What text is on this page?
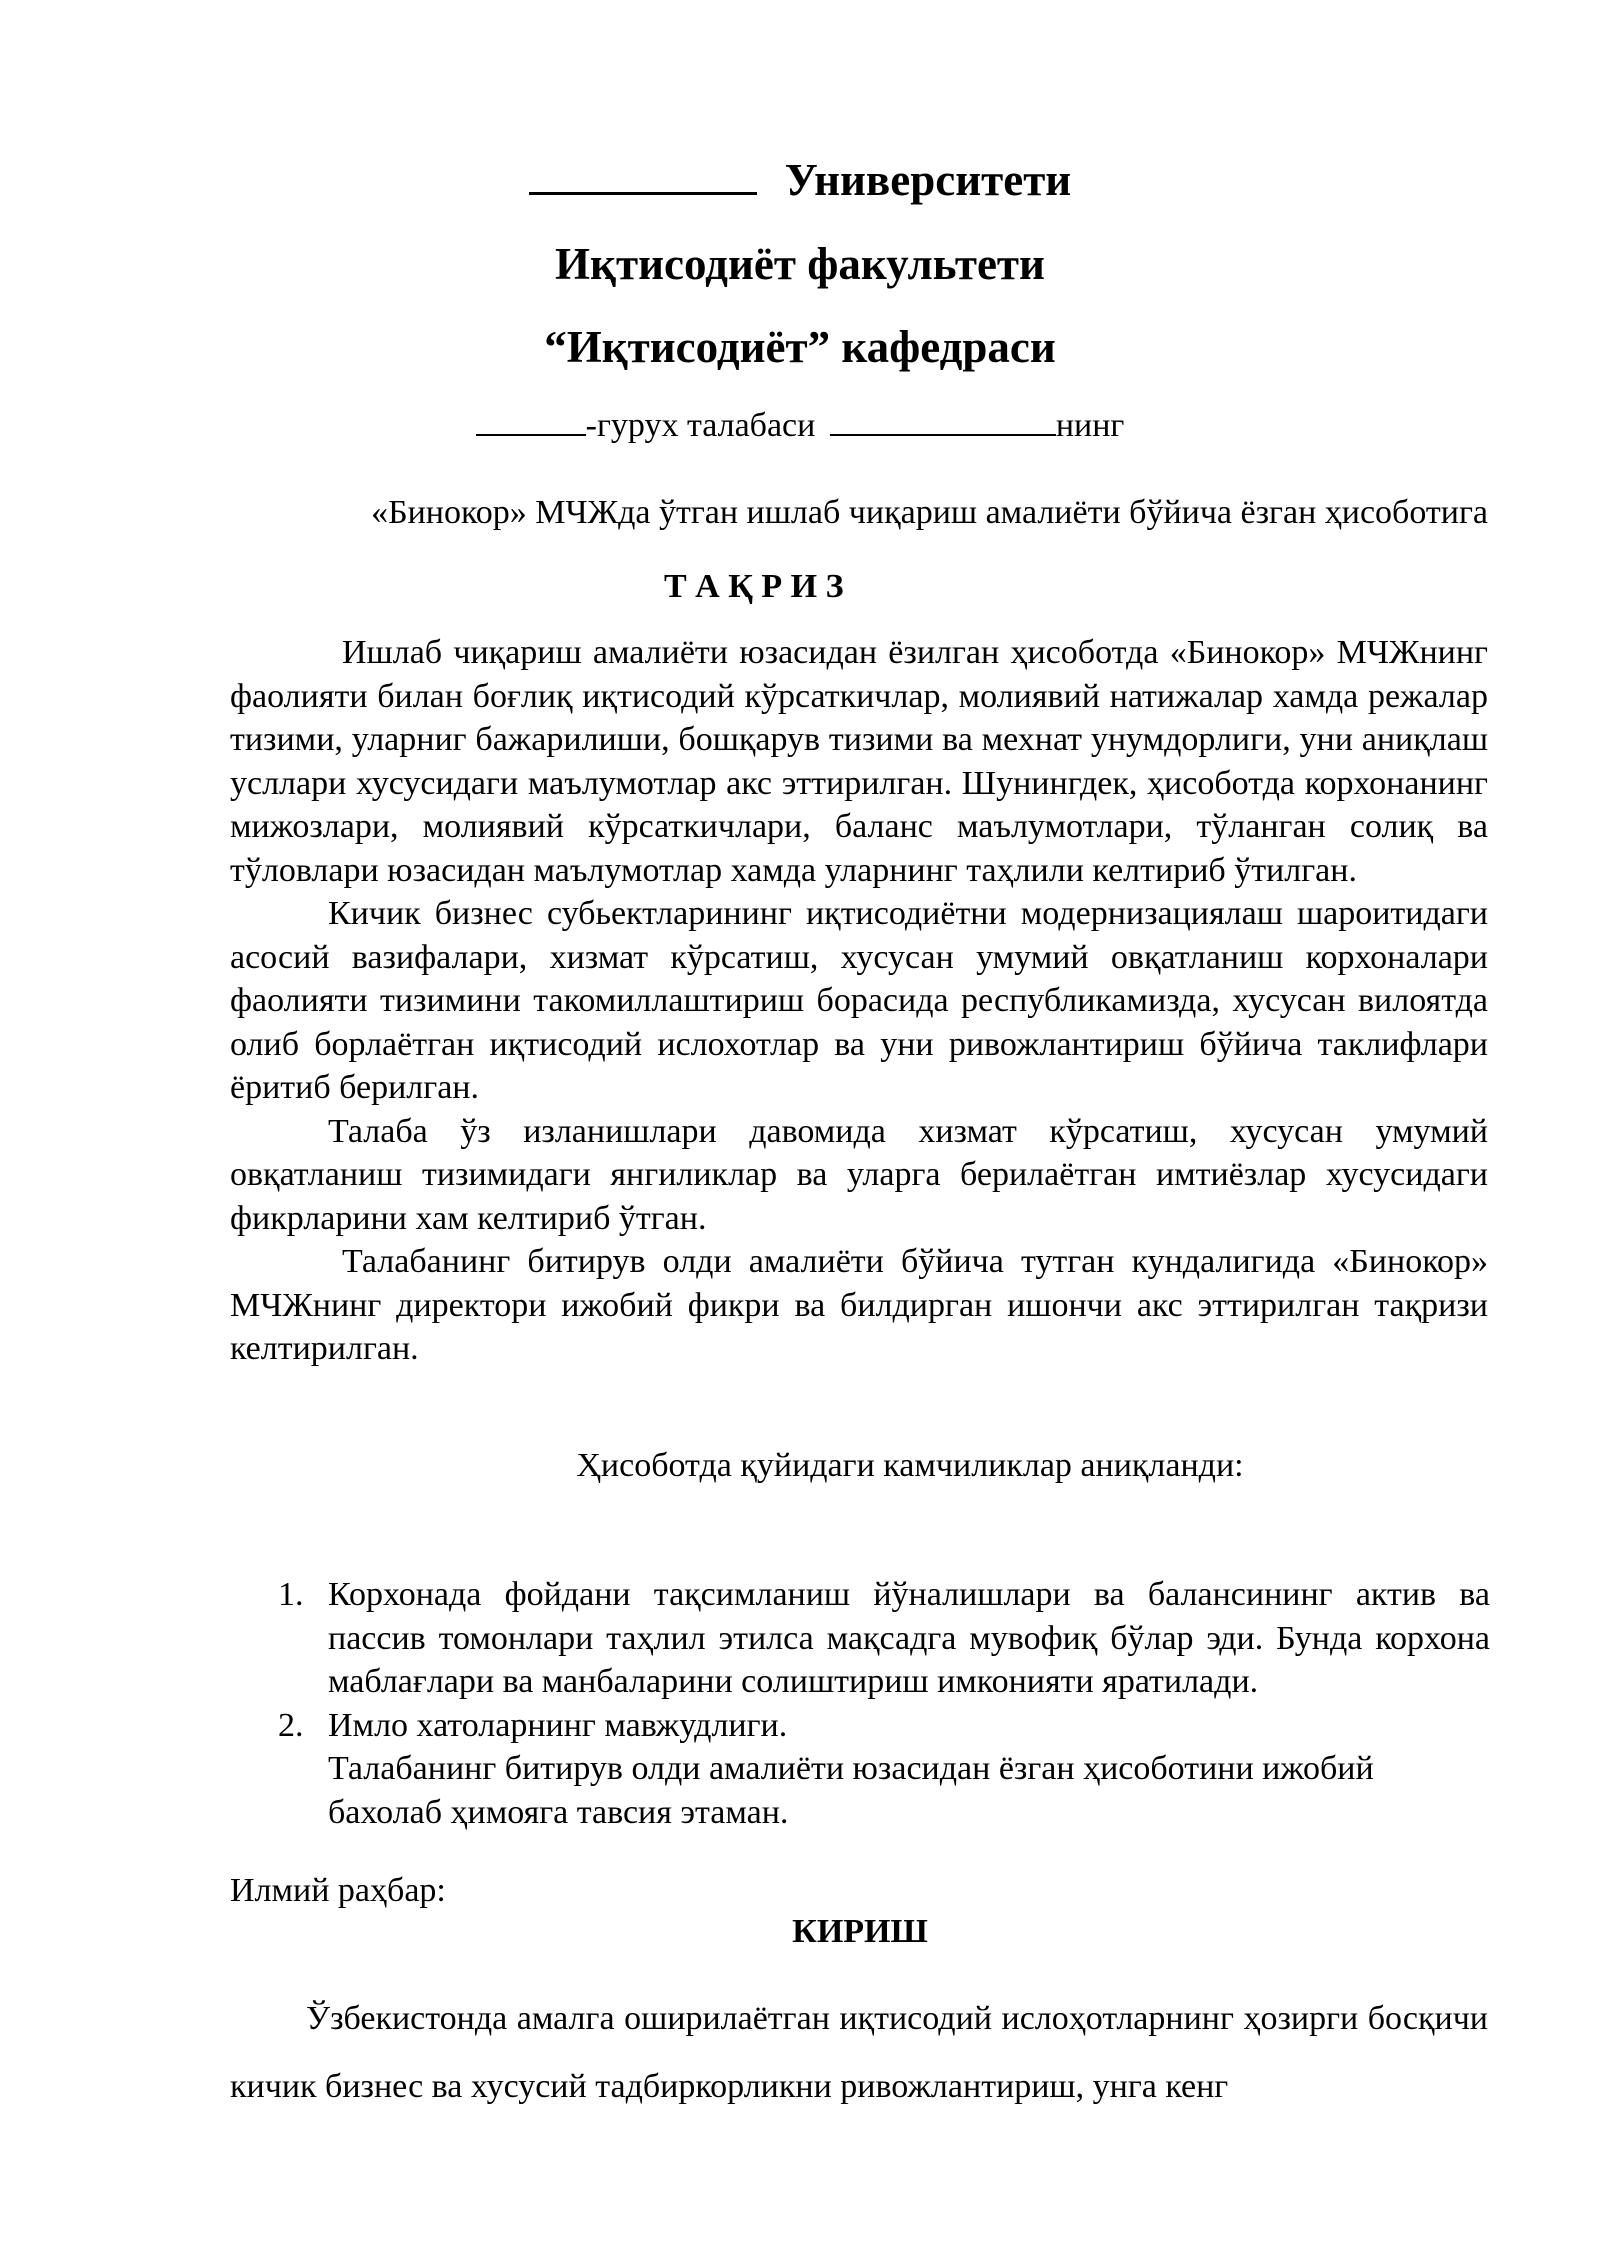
Университети
Иқтисодиёт факультети
“Иқтисодиёт” кафедраси
-гурух талабаси	нинг
«Бинокор» МЧЖда ўтган ишлаб чиқариш амалиёти бўйича ёзган ҳисоботига
Т А Қ Р И З

Ишлаб чиқариш амалиёти юзасидан ёзилган ҳисоботда «Бинокор» МЧЖнинг фаолияти билан боғлиқ иқтисодий кўрсаткичлар, молиявий натижалар хамда режалар тизими, уларниг бажарилиши, бошқарув тизими ва мехнат унумдорлиги, уни аниқлаш усллари хусусидаги маълумотлар акс эттирилган. Шунингдек, ҳисоботда корхонанинг мижозлари, молиявий кўрсаткичлари, баланс маълумотлари, тўланган солиқ ва тўловлари юзасидан маълумотлар хамда уларнинг таҳлили келтириб ўтилган.

Кичик бизнес субьектларининг иқтисодиётни модернизациялаш шароитидаги асосий вазифалари, хизмат кўрсатиш, хусусан умумий овқатланиш корхоналари фаолияти тизимини такомиллаштириш борасида республикамизда, хусусан вилоятда олиб борлаётган иқтисодий ислохотлар ва уни ривожлантириш бўйича таклифлари ёритиб берилган.

Талаба ўз изланишлари давомида хизмат кўрсатиш, хусусан умумий овқатланиш тизимидаги янгиликлар ва уларга берилаётган имтиёзлар хусусидаги фикрларини хам келтириб ўтган.

Талабанинг битирув олди амалиёти бўйича тутган кундалигида «Бинокор» МЧЖнинг директори ижобий фикри ва билдирган ишончи акс эттирилган тақризи келтирилган.

Ҳисоботда қуйидаги камчиликлар аниқланди:
1. Корхонада фойдани тақсимланиш йўналишлари ва балансининг актив ва пассив томонлари таҳлил этилса мақсадга мувофиқ бўлар эди. Бунда корхона маблағлари ва манбаларини солиштириш имконияти яратилади.
2. Имло хатоларнинг мавжудлиги.
Талабанинг битирув олди амалиёти юзасидан ёзган ҳисоботини ижобий бахолаб ҳимояга тавсия этаман.
Илмий раҳбар:
КИРИШ
Ўзбекистонда амалга оширилаётган иқтисодий ислоҳотларнинг ҳозирги босқичи кичик бизнес ва хусусий тадбиркорликни ривожлантириш, унга кенг
